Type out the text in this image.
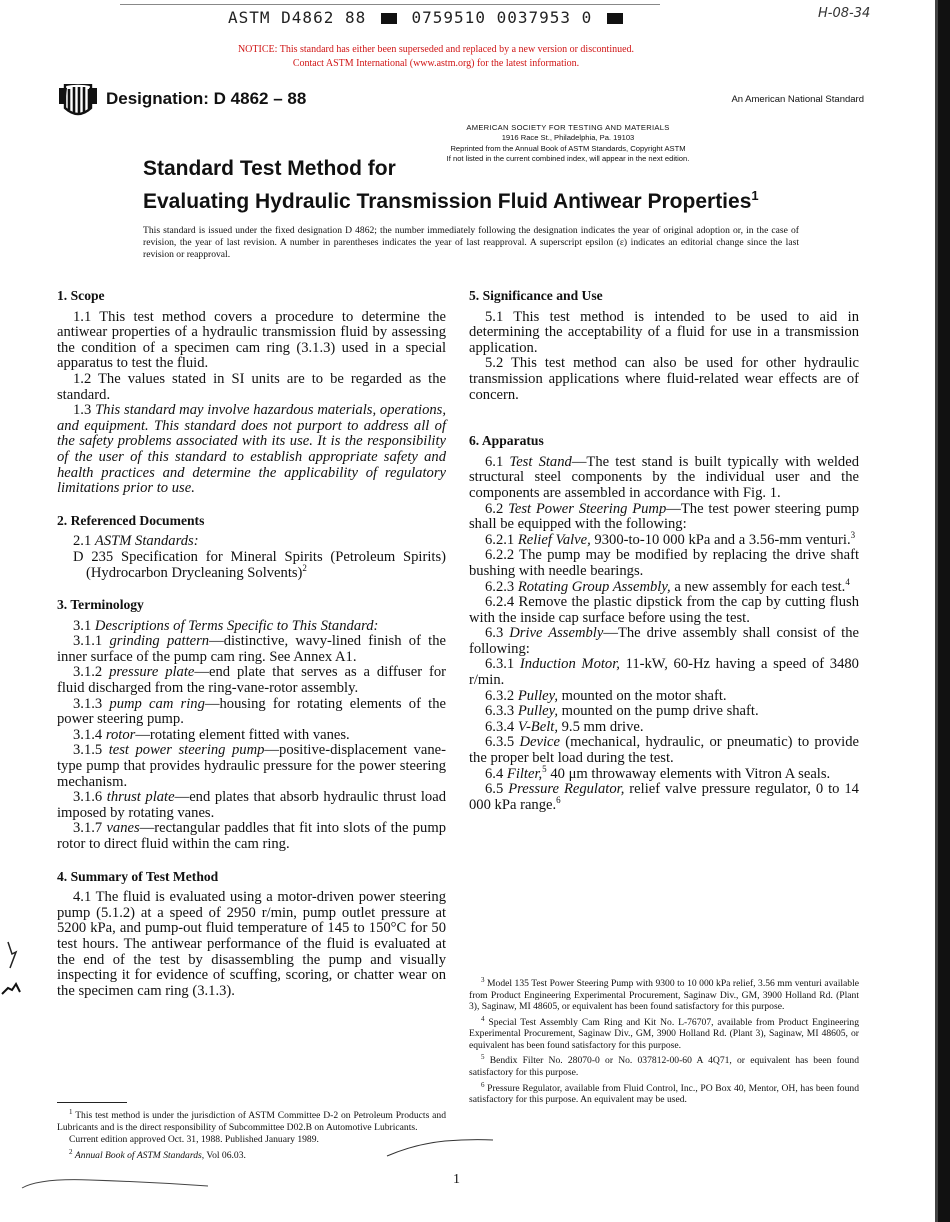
ASTM D4862 88	0759510 0037953 0	H-08-34
NOTICE: This standard has either been superseded and replaced by a new version or discontinued.
Contact ASTM International (www.astm.org) for the latest information.
Designation: D 4862 – 88	An American National Standard
AMERICAN SOCIETY FOR TESTING AND MATERIALS
1916 Race St., Philadelphia, Pa. 19103
Reprinted from the Annual Book of ASTM Standards, Copyright ASTM
If not listed in the current combined index, will appear in the next edition.
Standard Test Method for
Evaluating Hydraulic Transmission Fluid Antiwear Properties$^1$
This standard is issued under the fixed designation D 4862; the number immediately following the designation indicates the year of original adoption or, in the case of revision, the year of last revision. A number in parentheses indicates the year of last reapproval. A superscript epsilon (ε) indicates an editorial change since the last revision or reapproval.
1. Scope

1.1 This test method covers a procedure to determine the antiwear properties of a hydraulic transmission fluid by assessing the condition of a specimen cam ring (3.1.3) used in a special apparatus to test the fluid.

1.2 The values stated in SI units are to be regarded as the standard.

1.3 This standard may involve hazardous materials, operations, and equipment. This standard does not purport to address all of the safety problems associated with its use. It is the responsibility of the user of this standard to establish appropriate safety and health practices and determine the applicability of regulatory limitations prior to use.

2. Referenced Documents

2.1 ASTM Standards:

D 235 Specification for Mineral Spirits (Petroleum Spirits) (Hydrocarbon Drycleaning Solvents)$^2$

3. Terminology

3.1 Descriptions of Terms Specific to This Standard:

3.1.1 grinding pattern—distinctive, wavy-lined finish of the inner surface of the pump cam ring. See Annex A1.

3.1.2 pressure plate—end plate that serves as a diffuser for fluid discharged from the ring-vane-rotor assembly.

3.1.3 pump cam ring—housing for rotating elements of the power steering pump.

3.1.4 rotor—rotating element fitted with vanes.

3.1.5 test power steering pump—positive-displacement vane-type pump that provides hydraulic pressure for the power steering mechanism.

3.1.6 thrust plate—end plates that absorb hydraulic thrust load imposed by rotating vanes.

3.1.7 vanes—rectangular paddles that fit into slots of the pump rotor to direct fluid within the cam ring.

4. Summary of Test Method

4.1 The fluid is evaluated using a motor-driven power steering pump (5.1.2) at a speed of 2950 r/min, pump outlet pressure at 5200 kPa, and pump-out fluid temperature of 145 to 150°C for 50 test hours. The antiwear performance of the fluid is evaluated at the end of the test by disassembling the pump and visually inspecting it for evidence of scuffing, scoring, or chatter wear on the specimen cam ring (3.1.3).

5. Significance and Use

5.1 This test method is intended to be used to aid in determining the acceptability of a fluid for use in a transmission application.

5.2 This test method can also be used for other hydraulic transmission applications where fluid-related wear effects are of concern.

6. Apparatus

6.1 Test Stand—The test stand is built typically with welded structural steel components by the individual user and the components are assembled in accordance with Fig. 1.

6.2 Test Power Steering Pump—The test power steering pump shall be equipped with the following:

6.2.1 Relief Valve, 9300-to-10 000 kPa and a 3.56-mm venturi.$^3$

6.2.2 The pump may be modified by replacing the drive shaft bushing with needle bearings.

6.2.3 Rotating Group Assembly, a new assembly for each test.$^4$

6.2.4 Remove the plastic dipstick from the cap by cutting flush with the inside cap surface before using the test.

6.3 Drive Assembly—The drive assembly shall consist of the following:

6.3.1 Induction Motor, 11-kW, 60-Hz having a speed of 3480 r/min.

6.3.2 Pulley, mounted on the motor shaft.

6.3.3 Pulley, mounted on the pump drive shaft.

6.3.4 V-Belt, 9.5 mm drive.

6.3.5 Device (mechanical, hydraulic, or pneumatic) to provide the proper belt load during the test.

6.4 Filter,$^5$ 40 μm throwaway elements with Vitron A seals.

6.5 Pressure Regulator, relief valve pressure regulator, 0 to 14 000 kPa range.$^6$

$^1$ This test method is under the jurisdiction of ASTM Committee D-2 on Petroleum Products and Lubricants and is the direct responsibility of Subcommittee D02.B on Automotive Lubricants.

Current edition approved Oct. 31, 1988. Published January 1989.

$^2$ Annual Book of ASTM Standards, Vol 06.03.

$^3$ Model 135 Test Power Steering Pump with 9300 to 10 000 kPa relief, 3.56 mm venturi available from Product Engineering Experimental Procurement, Saginaw Div., GM, 3900 Holland Rd. (Plant 3), Saginaw, MI 48605, or equivalent has been found satisfactory for this purpose.

$^4$ Special Test Assembly Cam Ring and Kit No. L-76707, available from Product Engineering Experimental Procurement, Saginaw Div., GM, 3900 Holland Rd. (Plant 3), Saginaw, MI 48605, or equivalent has been found satisfactory for this purpose.

$^5$ Bendix Filter No. 28070-0 or No. 037812-00-60 A 4Q71, or equivalent has been found satisfactory for this purpose.

$^6$ Pressure Regulator, available from Fluid Control, Inc., PO Box 40, Mentor, OH, has been found satisfactory for this purpose. An equivalent may be used.

1
